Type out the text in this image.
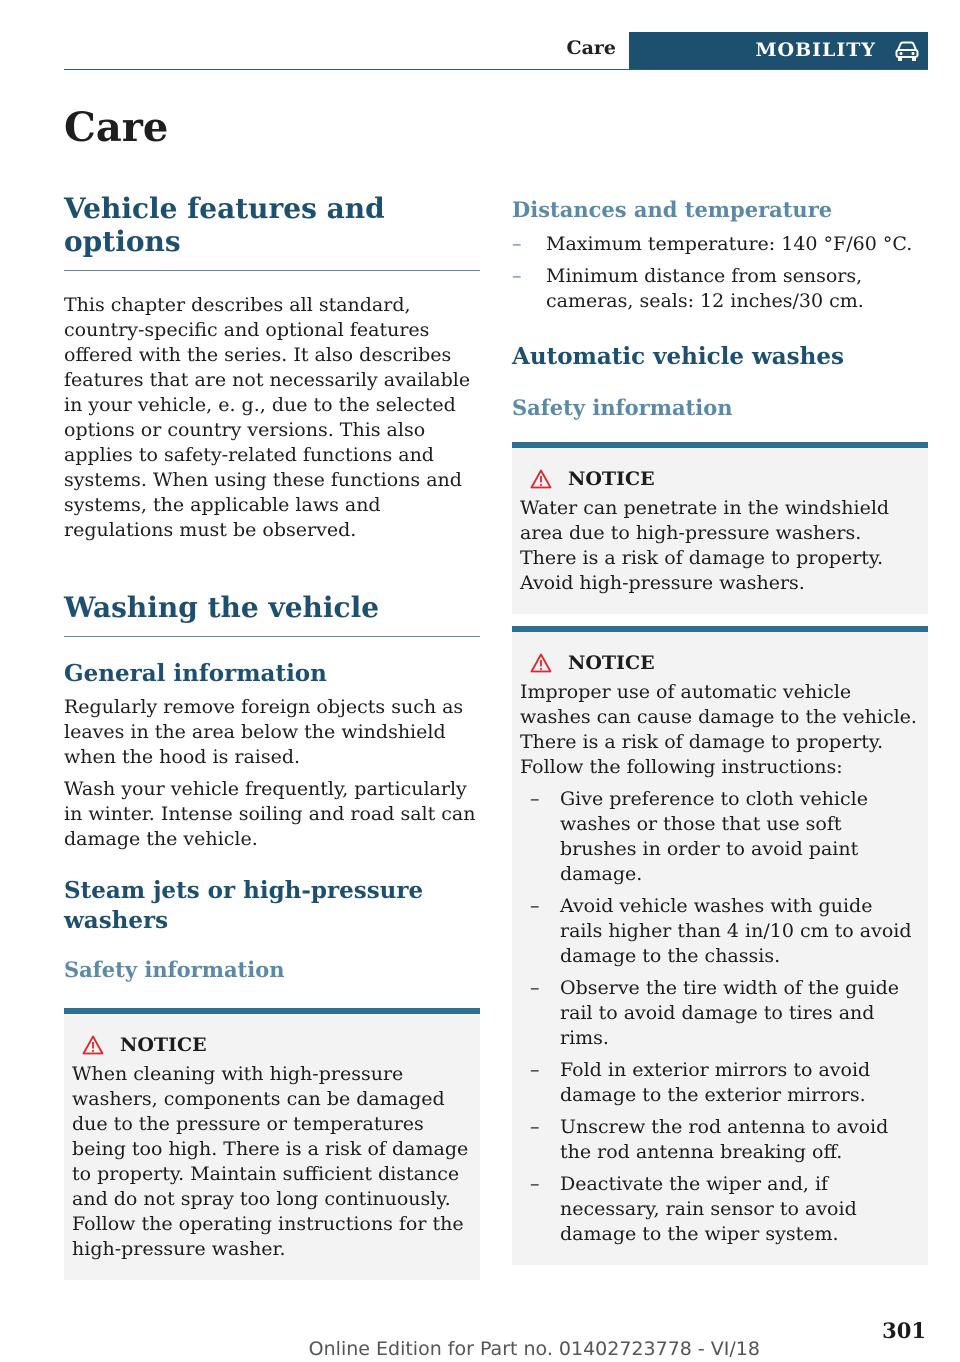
Care	MOBILITY
Care
Vehicle features and options

This chapter describes all standard, country-specific and optional features offered with the series. It also describes features that are not necessarily available in your vehicle, e. g., due to the selected options or country versions. This also applies to safety-related functions and systems. When using these functions and systems, the applicable laws and regulations must be observed.

Washing the vehicle
General information

Regularly remove foreign objects such as leaves in the area below the windshield when the hood is raised.

Wash your vehicle frequently, particularly in winter. Intense soiling and road salt can damage the vehicle.

Steam jets or high-pressure washers
Safety information
NOTICE

When cleaning with high-pressure washers, components can be damaged due to the pressure or temperatures being too high. There is a risk of damage to property. Maintain sufficient distance and do not spray too long continuously. Follow the operating instructions for the high-pressure washer.

Distances and temperature
– Maximum temperature: 140 °F/60 °C.
– Minimum distance from sensors, cameras, seals: 12 inches/30 cm.
Automatic vehicle washes
Safety information
NOTICE

Water can penetrate in the windshield area due to high-pressure washers. There is a risk of damage to property. Avoid high-pressure washers.

NOTICE

Improper use of automatic vehicle washes can cause damage to the vehicle. There is a risk of damage to property. Follow the following instructions:

– Give preference to cloth vehicle washes or those that use soft brushes in order to avoid paint damage.
– Avoid vehicle washes with guide rails higher than 4 in/10 cm to avoid damage to the chassis.
– Observe the tire width of the guide rail to avoid damage to tires and rims.
– Fold in exterior mirrors to avoid damage to the exterior mirrors.
– Unscrew the rod antenna to avoid the rod antenna breaking off.
– Deactivate the wiper and, if necessary, rain sensor to avoid damage to the wiper system.
301
Online Edition for Part no. 01402723778 - VI/18
